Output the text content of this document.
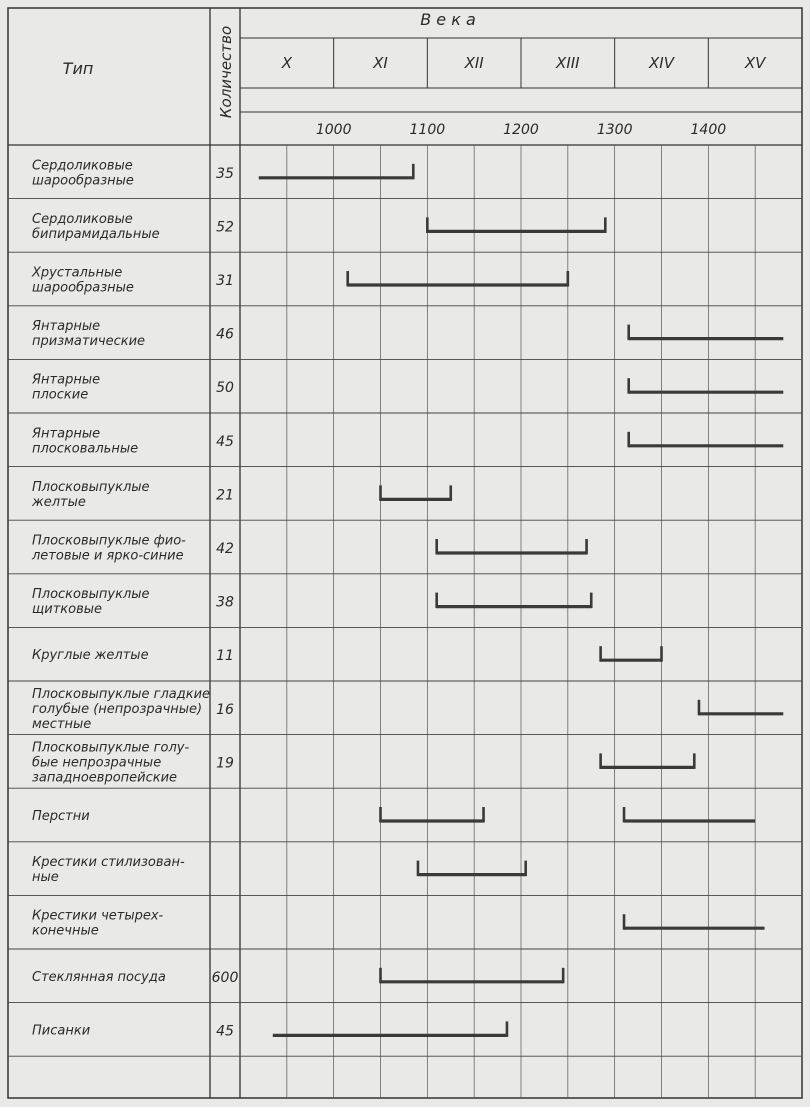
Тип	Количество
В е к а
X	XI	XII	XIII	XIV	XV
1000	1100	1200	1300	1400
Сердоликовые
шарообразные	35
Сердоликовые
бипирамидальные	52
Хрустальные
шарообразные	31
Янтарные
призматические	46
Янтарные
плоские	50
Янтарные
плосковальные	45
Плосковыпуклые
желтые	21
Плосковыпуклые фио-
летовые и ярко-синие 42
Плосковыпуклые
щитковые	38
Круглые желтые	11
Плосковыпуклые гладкие
голубые (непрозрачные)
местные
16
Плосковыпуклые голу-
бые непрозрачные
западноевропейские
19
Перстни
Крестики стилизован-
ные
Крестики четырех-
конечные
Стеклянная посуда	600
Писанки	45
